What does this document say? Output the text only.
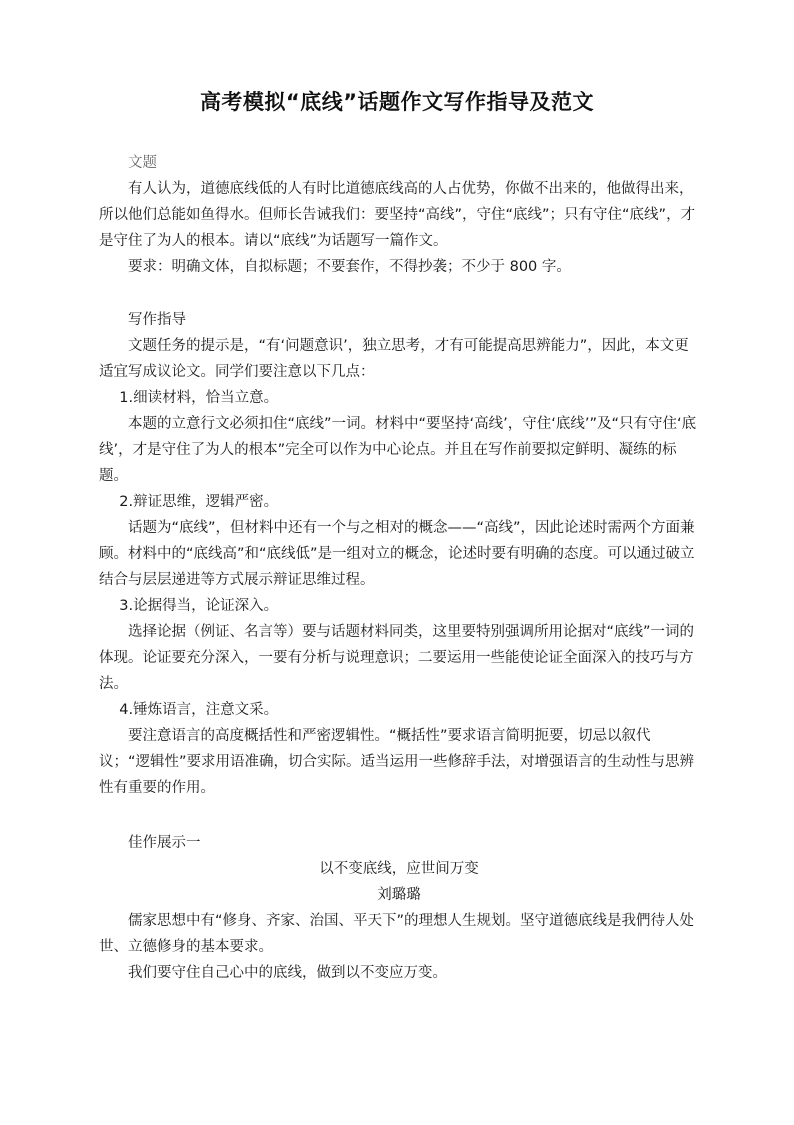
高考模拟“底线”话题作文写作指导及范文

文题

有人认为，道德底线低的人有时比道德底线高的人占优势，你做不出来的，他做得出来，所以他们总能如鱼得水。但师长告诫我们：要坚持“高线”，守住“底线”；只有守住“底线”，才是守住了为人的根本。请以“底线”为话题写一篇作文。

要求：明确文体，自拟标题；不要套作，不得抄袭；不少于 800 字。

写作指导

文题任务的提示是，“有‘问题意识’，独立思考，才有可能提高思辨能力”，因此，本文更适宜写成议论文。同学们要注意以下几点：

1.细读材料，恰当立意。

本题的立意行文必须扣住“底线”一词。材料中“要坚持‘高线’，守住‘底线’”及“只有守住‘底线’，才是守住了为人的根本”完全可以作为中心论点。并且在写作前要拟定鲜明、凝练的标题。

2.辩证思维，逻辑严密。

话题为“底线”，但材料中还有一个与之相对的概念——“高线”，因此论述时需两个方面兼顾。材料中的“底线高”和“底线低”是一组对立的概念，论述时要有明确的态度。可以通过破立结合与层层递进等方式展示辩证思维过程。

3.论据得当，论证深入。

选择论据（例证、名言等）要与话题材料同类，这里要特别强调所用论据对“底线”一词的体现。论证要充分深入，一要有分析与说理意识；二要运用一些能使论证全面深入的技巧与方法。

4.锤炼语言，注意文采。

要注意语言的高度概括性和严密逻辑性。“概括性”要求语言简明扼要，切忌以叙代议；“逻辑性”要求用语准确，切合实际。适当运用一些修辞手法，对增强语言的生动性与思辨性有重要的作用。

佳作展示一

以不变底线，应世间万变

刘璐璐

儒家思想中有“修身、齐家、治国、平天下”的理想人生规划。坚守道德底线是我們待人处世、立德修身的基本要求。

我们要守住自己心中的底线，做到以不变应万变。
